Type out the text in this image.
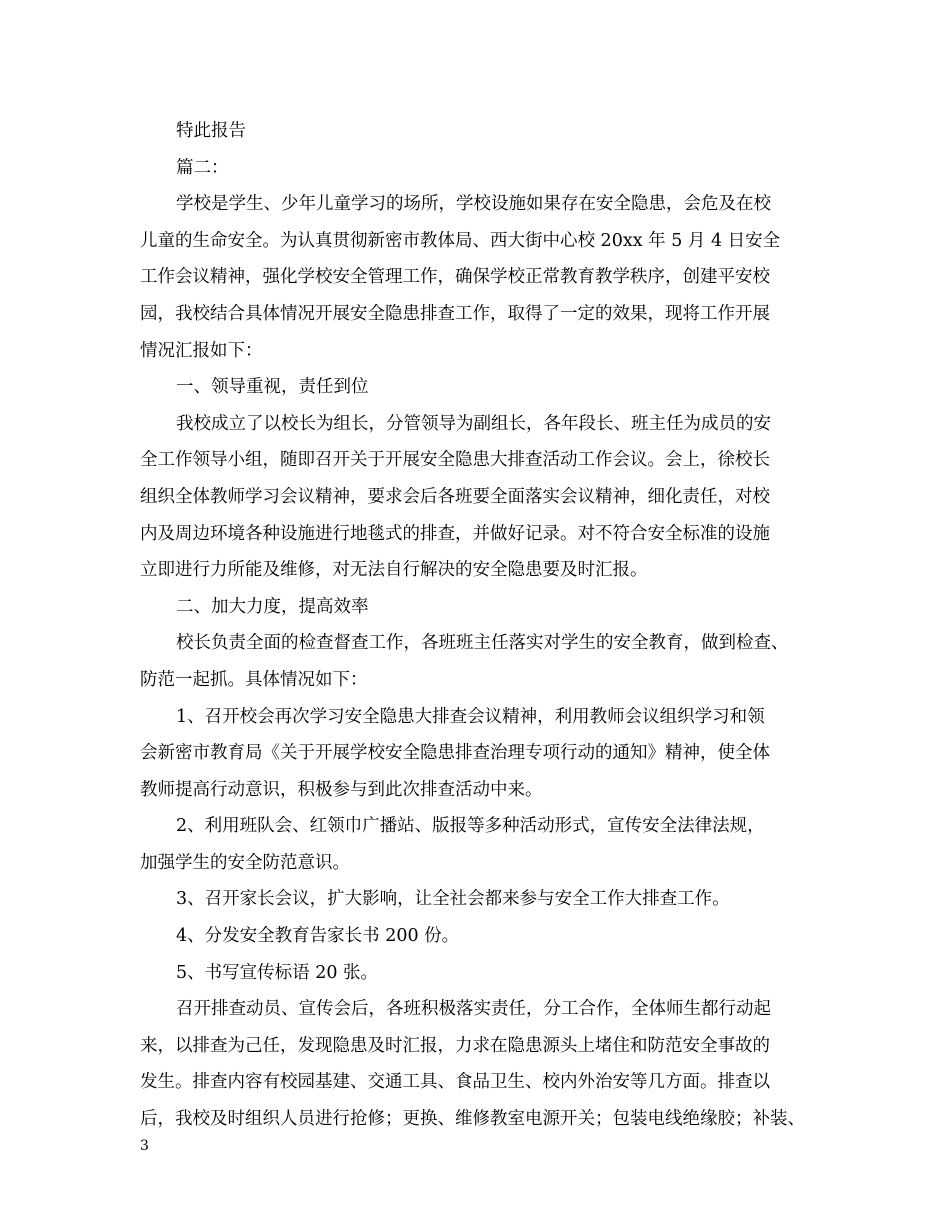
特此报告
篇二：
学校是学生、少年儿童学习的场所，学校设施如果存在安全隐患，会危及在校
儿童的生命安全。为认真贯彻新密市教体局、西大街中心校 20xx 年 5 月 4 日安全
工作会议精神，强化学校安全管理工作，确保学校正常教育教学秩序，创建平安校
园，我校结合具体情况开展安全隐患排查工作，取得了一定的效果，现将工作开展
情况汇报如下：
一、领导重视，责任到位
我校成立了以校长为组长，分管领导为副组长，各年段长、班主任为成员的安
全工作领导小组，随即召开关于开展安全隐患大排查活动工作会议。会上，徐校长
组织全体教师学习会议精神，要求会后各班要全面落实会议精神，细化责任，对校
内及周边环境各种设施进行地毯式的排查，并做好记录。对不符合安全标准的设施
立即进行力所能及维修，对无法自行解决的安全隐患要及时汇报。
二、加大力度，提高效率
校长负责全面的检查督查工作，各班班主任落实对学生的安全教育，做到检查、
防范一起抓。具体情况如下：
1、召开校会再次学习安全隐患大排查会议精神，利用教师会议组织学习和领
会新密市教育局《关于开展学校安全隐患排查治理专项行动的通知》精神，使全体
教师提高行动意识，积极参与到此次排查活动中来。
2、利用班队会、红领巾广播站、版报等多种活动形式，宣传安全法律法规，
加强学生的安全防范意识。
3、召开家长会议，扩大影响，让全社会都来参与安全工作大排查工作。
4、分发安全教育告家长书 200 份。
5、书写宣传标语 20 张。
召开排查动员、宣传会后，各班积极落实责任，分工合作，全体师生都行动起
来，以排查为己任，发现隐患及时汇报，力求在隐患源头上堵住和防范安全事故的
发生。排查内容有校园基建、交通工具、食品卫生、校内外治安等几方面。排查以
后，我校及时组织人员进行抢修；更换、维修教室电源开关；包装电线绝缘胶；补装、
3
